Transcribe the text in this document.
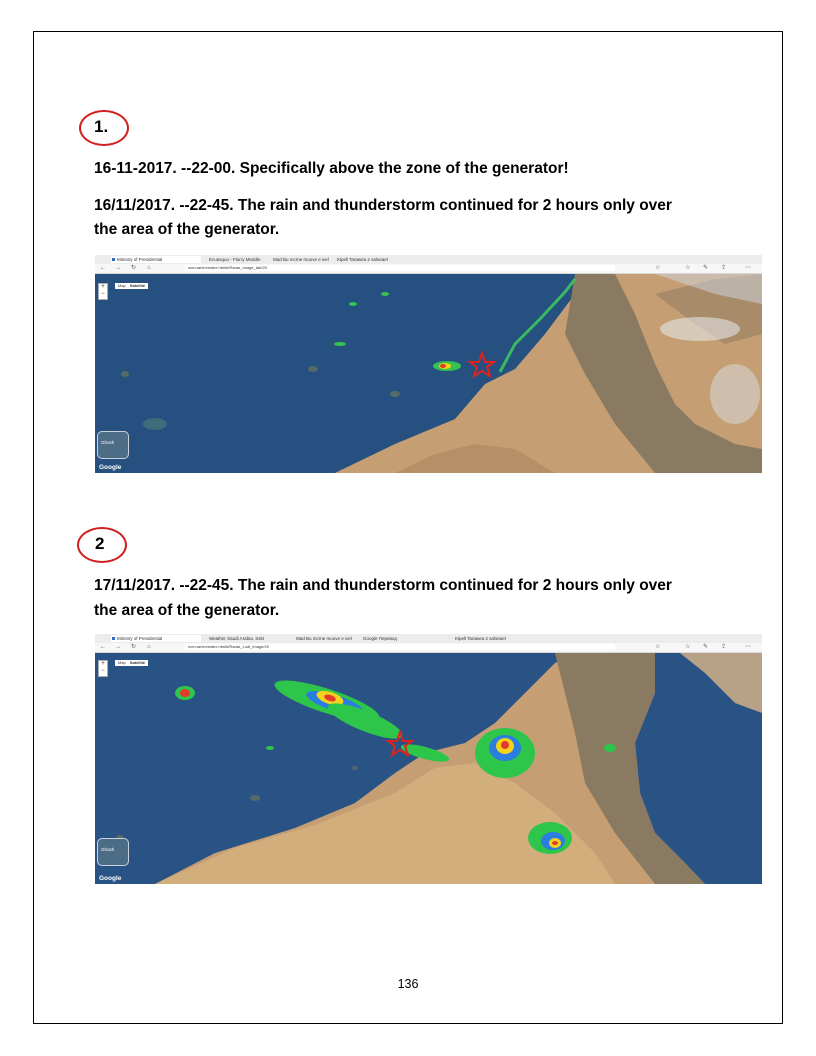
1.
16-11-2017. --22-00. Specifically above the zone of the generator!
16/11/2017. --22-45. The rain and thunderstorm continued for 2 hours only over
the area of the generator.
Ministry of Presidential	Ecuasquo - Flurry Meddle	Mad Bu mcrne moove e ivel	Klpell Tarawea 2 salseael
← → ↻ ⌂	ncm.ae/en/index.html#/Radar_Image_tab/20	☆	☆ ✎ ⇪	⋯
+
−
Map Satellite
Ghosh
Google
2
17/11/2017. --22-45. The rain and thunderstorm continued for 2 hours only over
the area of the generator.
Ministry of Presidential	Weather Saudi Arabia, Sskt	Mad Bu mcrne moove e ivel	Google Перевод	Klpell Tarawea 2 salseael
← → ↻ ⌂	ncm.ae/en/index.html#/Radar_Ludt_image/20	☆	☆ ✎ ⇪	⋯
+
−
Map Satellite
Ghosh
Google
136
